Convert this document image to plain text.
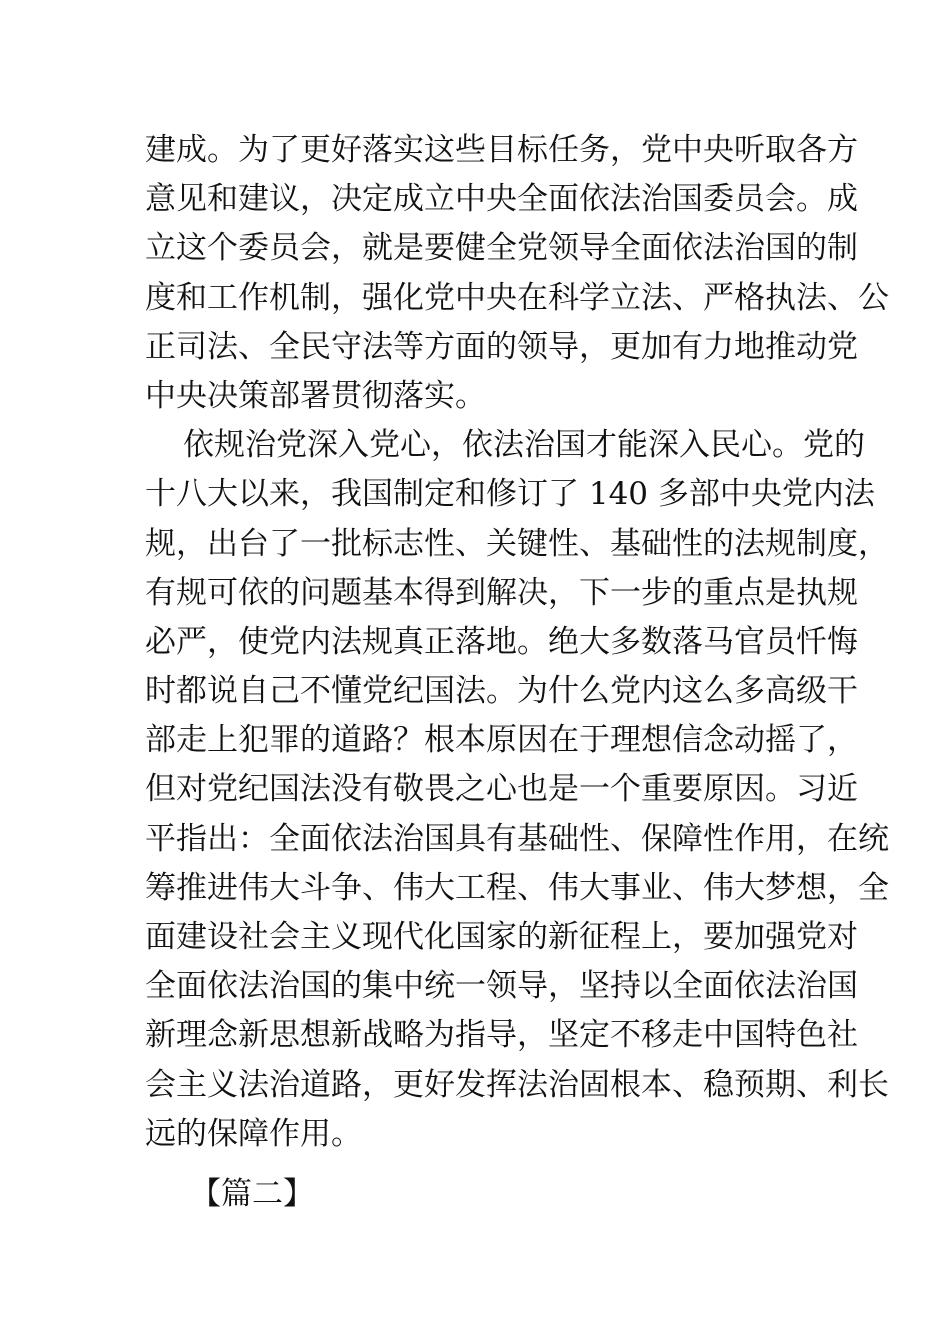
建成。为了更好落实这些目标任务，党中央听取各方
意见和建议，决定成立中央全面依法治国委员会。成
立这个委员会，就是要健全党领导全面依法治国的制
度和工作机制，强化党中央在科学立法、严格执法、公
正司法、全民守法等方面的领导，更加有力地推动党
中央决策部署贯彻落实。
依规治党深入党心，依法治国才能深入民心。党的
十八大以来，我国制定和修订了 140 多部中央党内法
规，出台了一批标志性、关键性、基础性的法规制度，
有规可依的问题基本得到解决，下一步的重点是执规
必严，使党内法规真正落地。绝大多数落马官员忏悔
时都说自己不懂党纪国法。为什么党内这么多高级干
部走上犯罪的道路？根本原因在于理想信念动摇了，
但对党纪国法没有敬畏之心也是一个重要原因。习近
平指出：全面依法治国具有基础性、保障性作用，在统
筹推进伟大斗争、伟大工程、伟大事业、伟大梦想，全
面建设社会主义现代化国家的新征程上，要加强党对
全面依法治国的集中统一领导，坚持以全面依法治国
新理念新思想新战略为指导，坚定不移走中国特色社
会主义法治道路，更好发挥法治固根本、稳预期、利长
远的保障作用。
【篇二】
